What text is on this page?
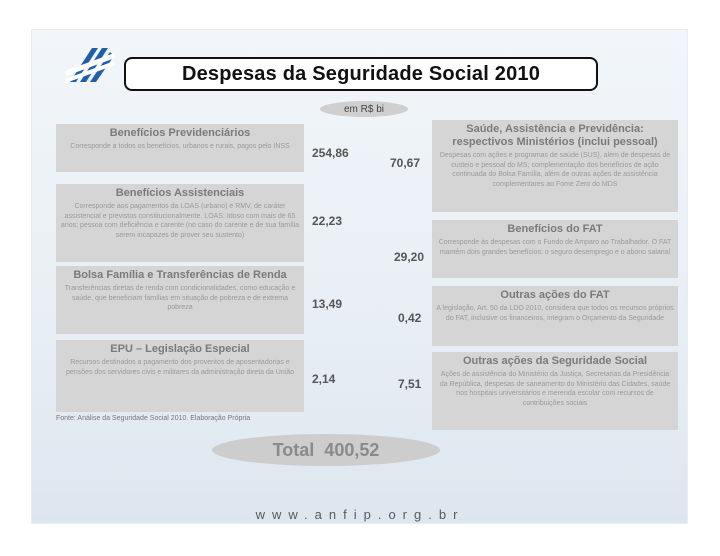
Despesas da Seguridade Social 2010
em R$ bi
Benefícios Previdenciários

Corresponde a todos os benefícios, urbanos e rurais, pagos pelo INSS	254,86
Benefícios Assistenciais

Corresponde aos pagamentos da LOAS (urbano) e RMV, de caráter assistencial e previstos constitucionalmente. LOAS: Idoso com mais de 65 anos; pessoa com deficiência e carente (no caso do carente e de sua família serem incapazes de prover seu sustento)

22,23
Bolsa Família e Transferências de Renda

Transferências diretas de renda com condicionalidades, como educação e saúde, que beneficiam famílias em situação de pobreza e de extrema pobreza	13,49
EPU – Legislação Especial

Recursos destinados a pagamento dos proventos de aposentadorias e pensões dos servidores civis e militares da administração direta da União	2,14
70,67
Saúde, Assistência e Previdência: respectivos Ministérios (inclui pessoal)

Despesas com ações e programas de saúde (SUS), além de despesas de custeio e pessoal do MS; complementação dos benefícios de ação continuada do Bolsa Família, além de outras ações de assistência complementares ao Fome Zero do MDS

29,20
Benefícios do FAT

Corresponde às despesas com o Fundo de Amparo ao Trabalhador. O FAT mantém dois grandes benefícios: o seguro desemprego e o abono salarial

0,42
Outras ações do FAT

A legislação, Art. 50 da LDO 2010, considera que todos os recursos próprios do FAT, inclusive os financeiros, integram o Orçamento da Seguridade

7,51
Outras ações da Seguridade Social

Ações de assistência do Ministério da Justiça, Secretarias da Presidência da República, despesas de saneamento do Ministério das Cidades, saúde nos hospitais universitários e merenda escolar com recursos de contribuições sociais

Fonte: Análise da Seguridade Social 2010. Elaboração Própria
Total  400,52
www.anfip.org.br
